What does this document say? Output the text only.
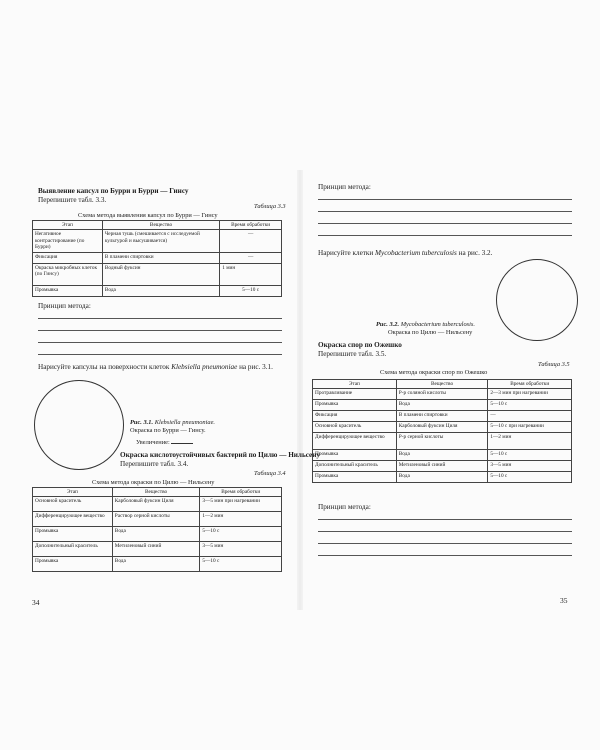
Выявление капсул по Бурри и Бурри — Гинсу
Перепишите табл. 3.3.
Таблица 3.3
Схема метода выявления капсул по Бурри — Гинсу
Этап	Вещество	Время обработки
Негативное контрастирование (по Бурри)	Черная тушь (смешивается с исследуемой культурой и высушивается)	—
Фиксация	В пламени спиртовки	—
Окраска микробных клеток (по Гинсу)	Водный фуксин	1 мин
Промывка	Вода	5—10 с
Принцип метода:
Нарисуйте капсулы на поверхности клеток Klebsiella pneumoniae на рис. 3.1.
Рис. 3.1. Klebsiella pneumoniae.
Окраска по Бурри — Гинсу.
Увеличение:
Окраска кислотоустойчивых бактерий по Цилю — Нильсену
Перепишите табл. 3.4.
Таблица 3.4
Схема метода окраски по Цилю — Нильсену
Этап	Вещество	Время обработки
Основной краситель	Карболовый фуксин Циля	3—5 мин при нагревании
Дифференцирующее вещество	Раствор серной кислоты	1—2 мин
Промывка	Вода	5—10 с
Дополнительный краситель	Метиленовый синий	3—5 мин
Промывка	Вода	5—10 с
34
Принцип метода:
Нарисуйте клетки Mycobacterium tuberculosis на рис. 3.2.
Рис. 3.2. Mycobacterium tuberculosis.
Окраска по Цилю — Нильсену
Окраска спор по Ожешко
Перепишите табл. 3.5.
Таблица 3.5
Схема метода окраски спор по Ожешко
Этап	Вещество	Время обработки
Протравливание	Р-р соляной кислоты	2—3 мин при нагревании
Промывка	Вода	5—10 с
Фиксация	В пламени спиртовки	—
Основной краситель	Карболовый фуксин Циля	5—10 с при нагревании
Дифференцирующее вещество	Р-р серной кислоты	1—2 мин
Промывка	Вода	5—10 с
Дополнительный краситель	Метиленовый синий	3—5 мин
Промывка	Вода	5—10 с
Принцип метода:
35
